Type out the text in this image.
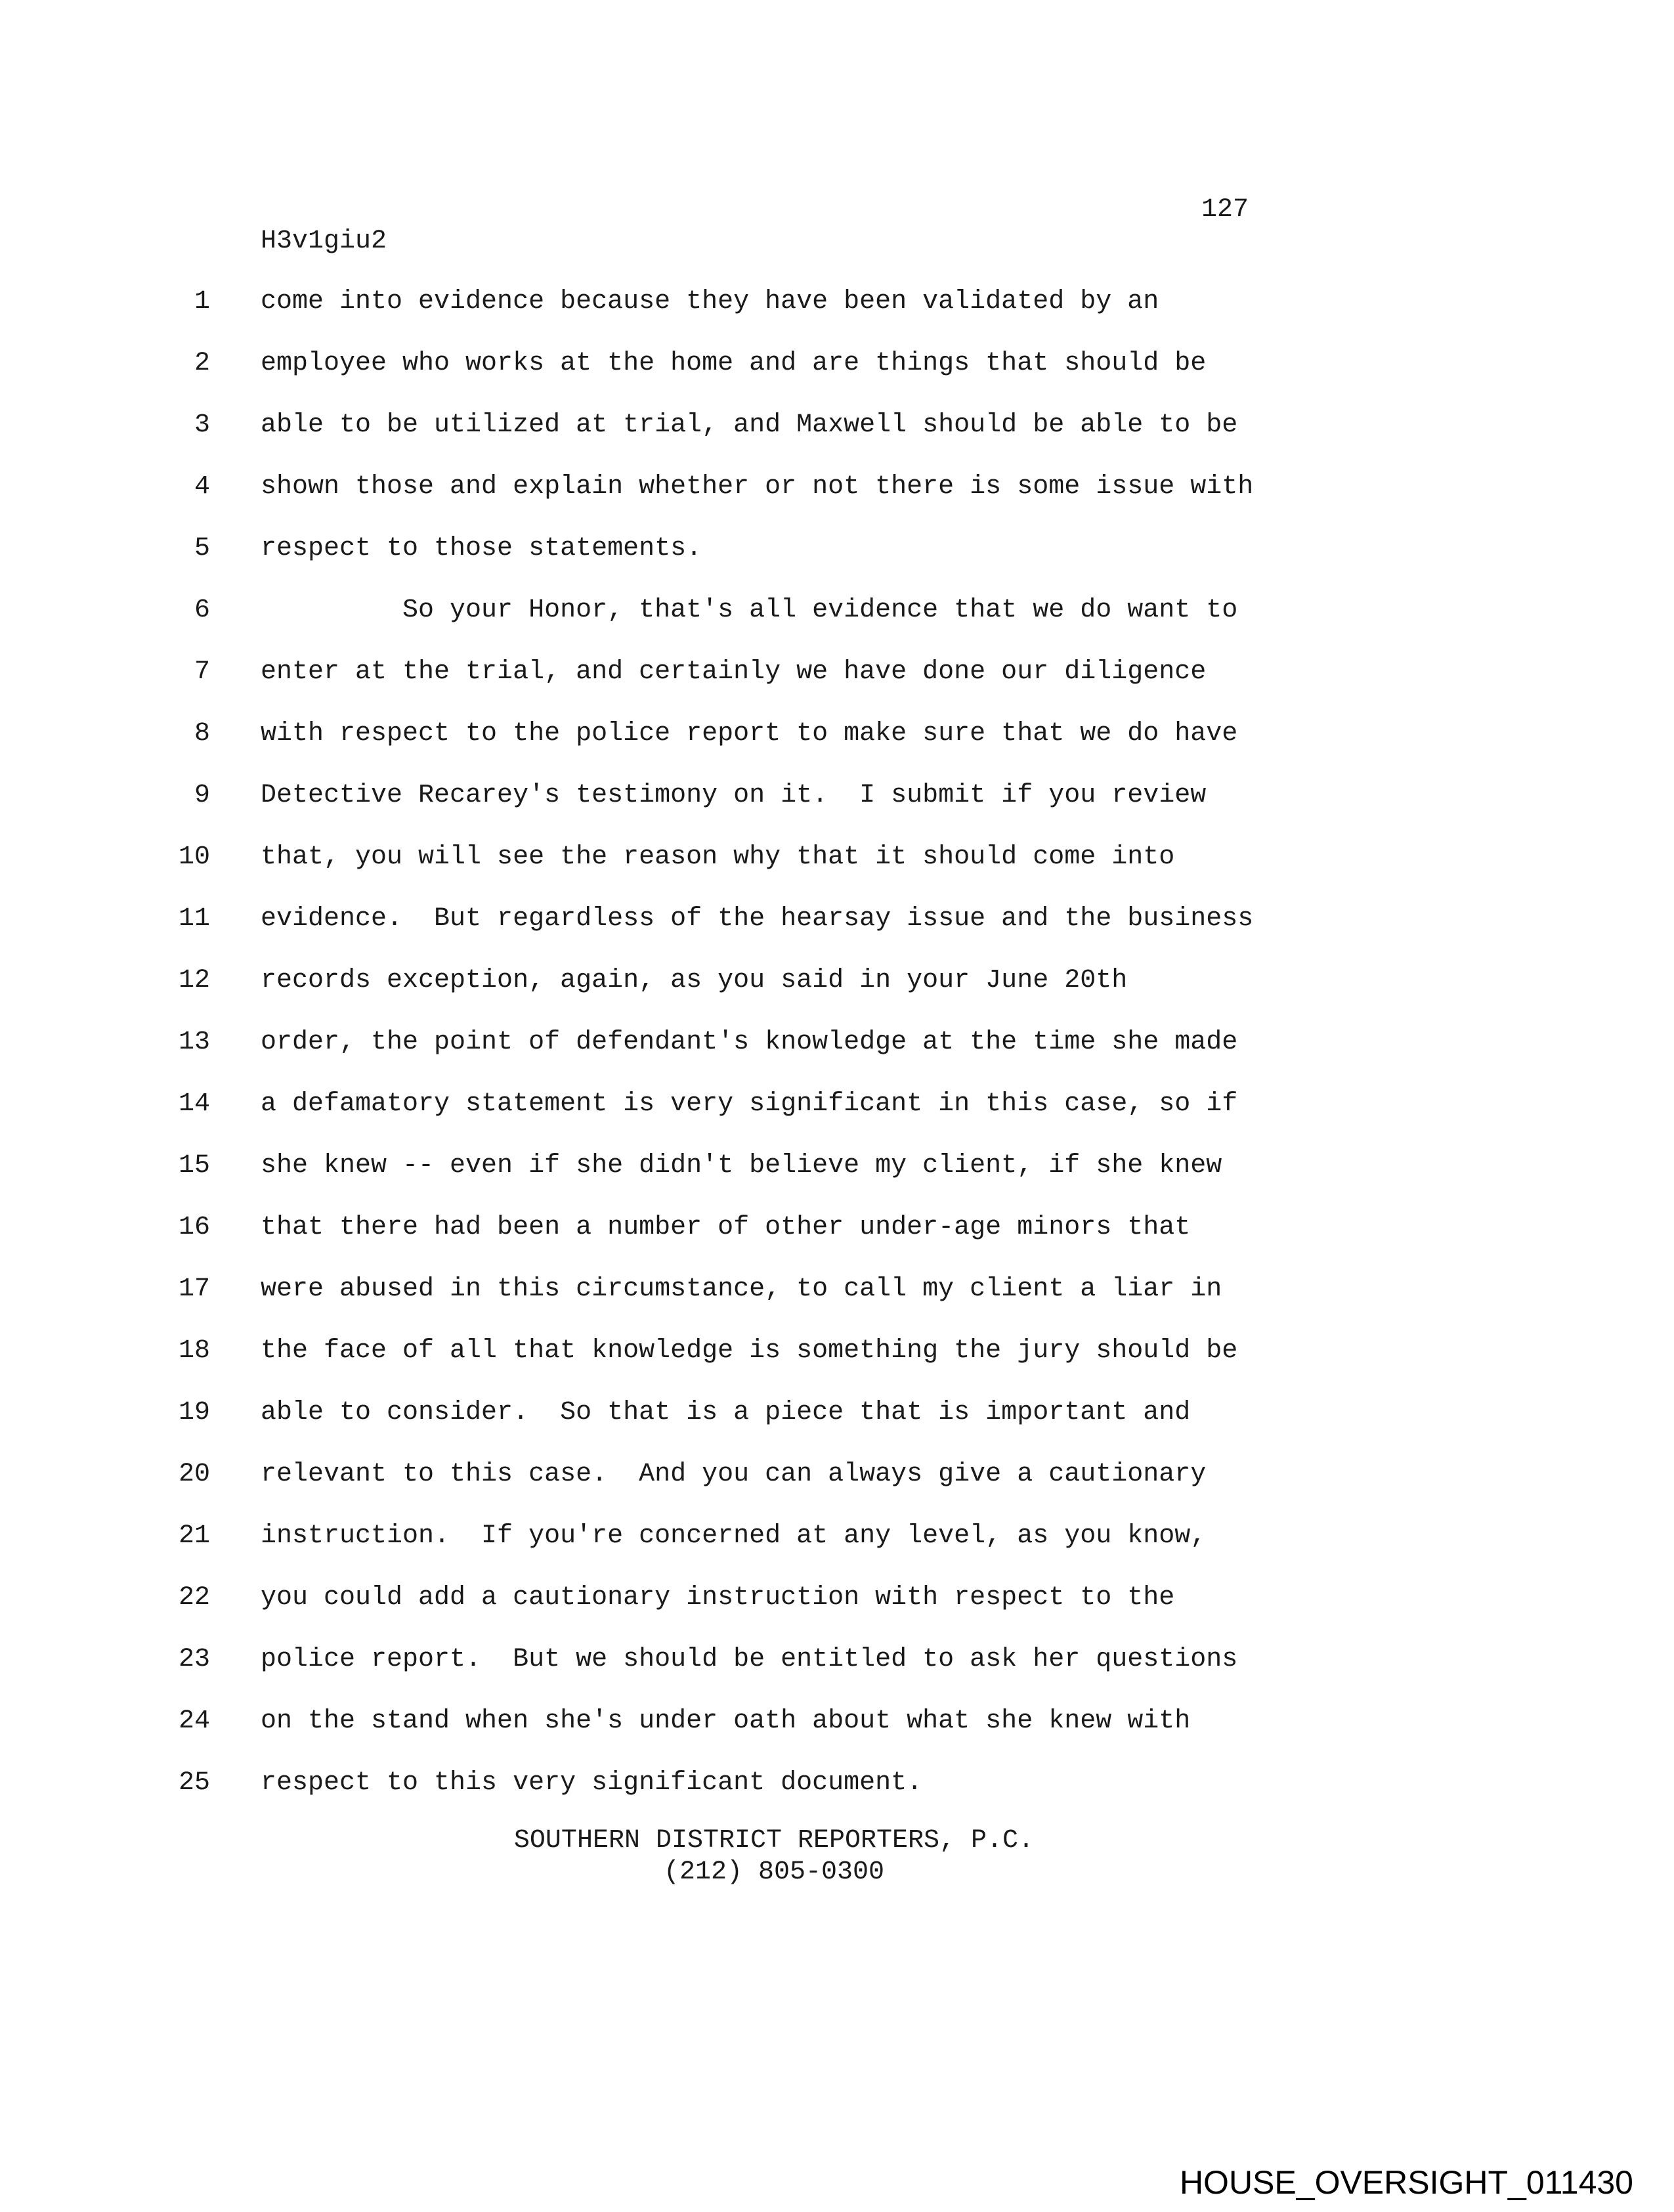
127
H3v1giu2
1 come into evidence because they have been validated by an
2 employee who works at the home and are things that should be
3 able to be utilized at trial, and Maxwell should be able to be
4 shown those and explain whether or not there is some issue with
5 respect to those statements.
6 So your Honor, that's all evidence that we do want to
7 enter at the trial, and certainly we have done our diligence
8 with respect to the police report to make sure that we do have
9 Detective Recarey's testimony on it.  I submit if you review
10 that, you will see the reason why that it should come into
11 evidence.  But regardless of the hearsay issue and the business
12 records exception, again, as you said in your June 20th
13 order, the point of defendant's knowledge at the time she made
14 a defamatory statement is very significant in this case, so if
15 she knew -- even if she didn't believe my client, if she knew
16 that there had been a number of other under-age minors that
17 were abused in this circumstance, to call my client a liar in
18 the face of all that knowledge is something the jury should be
19 able to consider.  So that is a piece that is important and
20 relevant to this case.  And you can always give a cautionary
21 instruction.  If you're concerned at any level, as you know,
22 you could add a cautionary instruction with respect to the
23 police report.  But we should be entitled to ask her questions
24 on the stand when she's under oath about what she knew with
25 respect to this very significant document.
SOUTHERN DISTRICT REPORTERS, P.C.
(212) 805-0300
HOUSE_OVERSIGHT_011430
